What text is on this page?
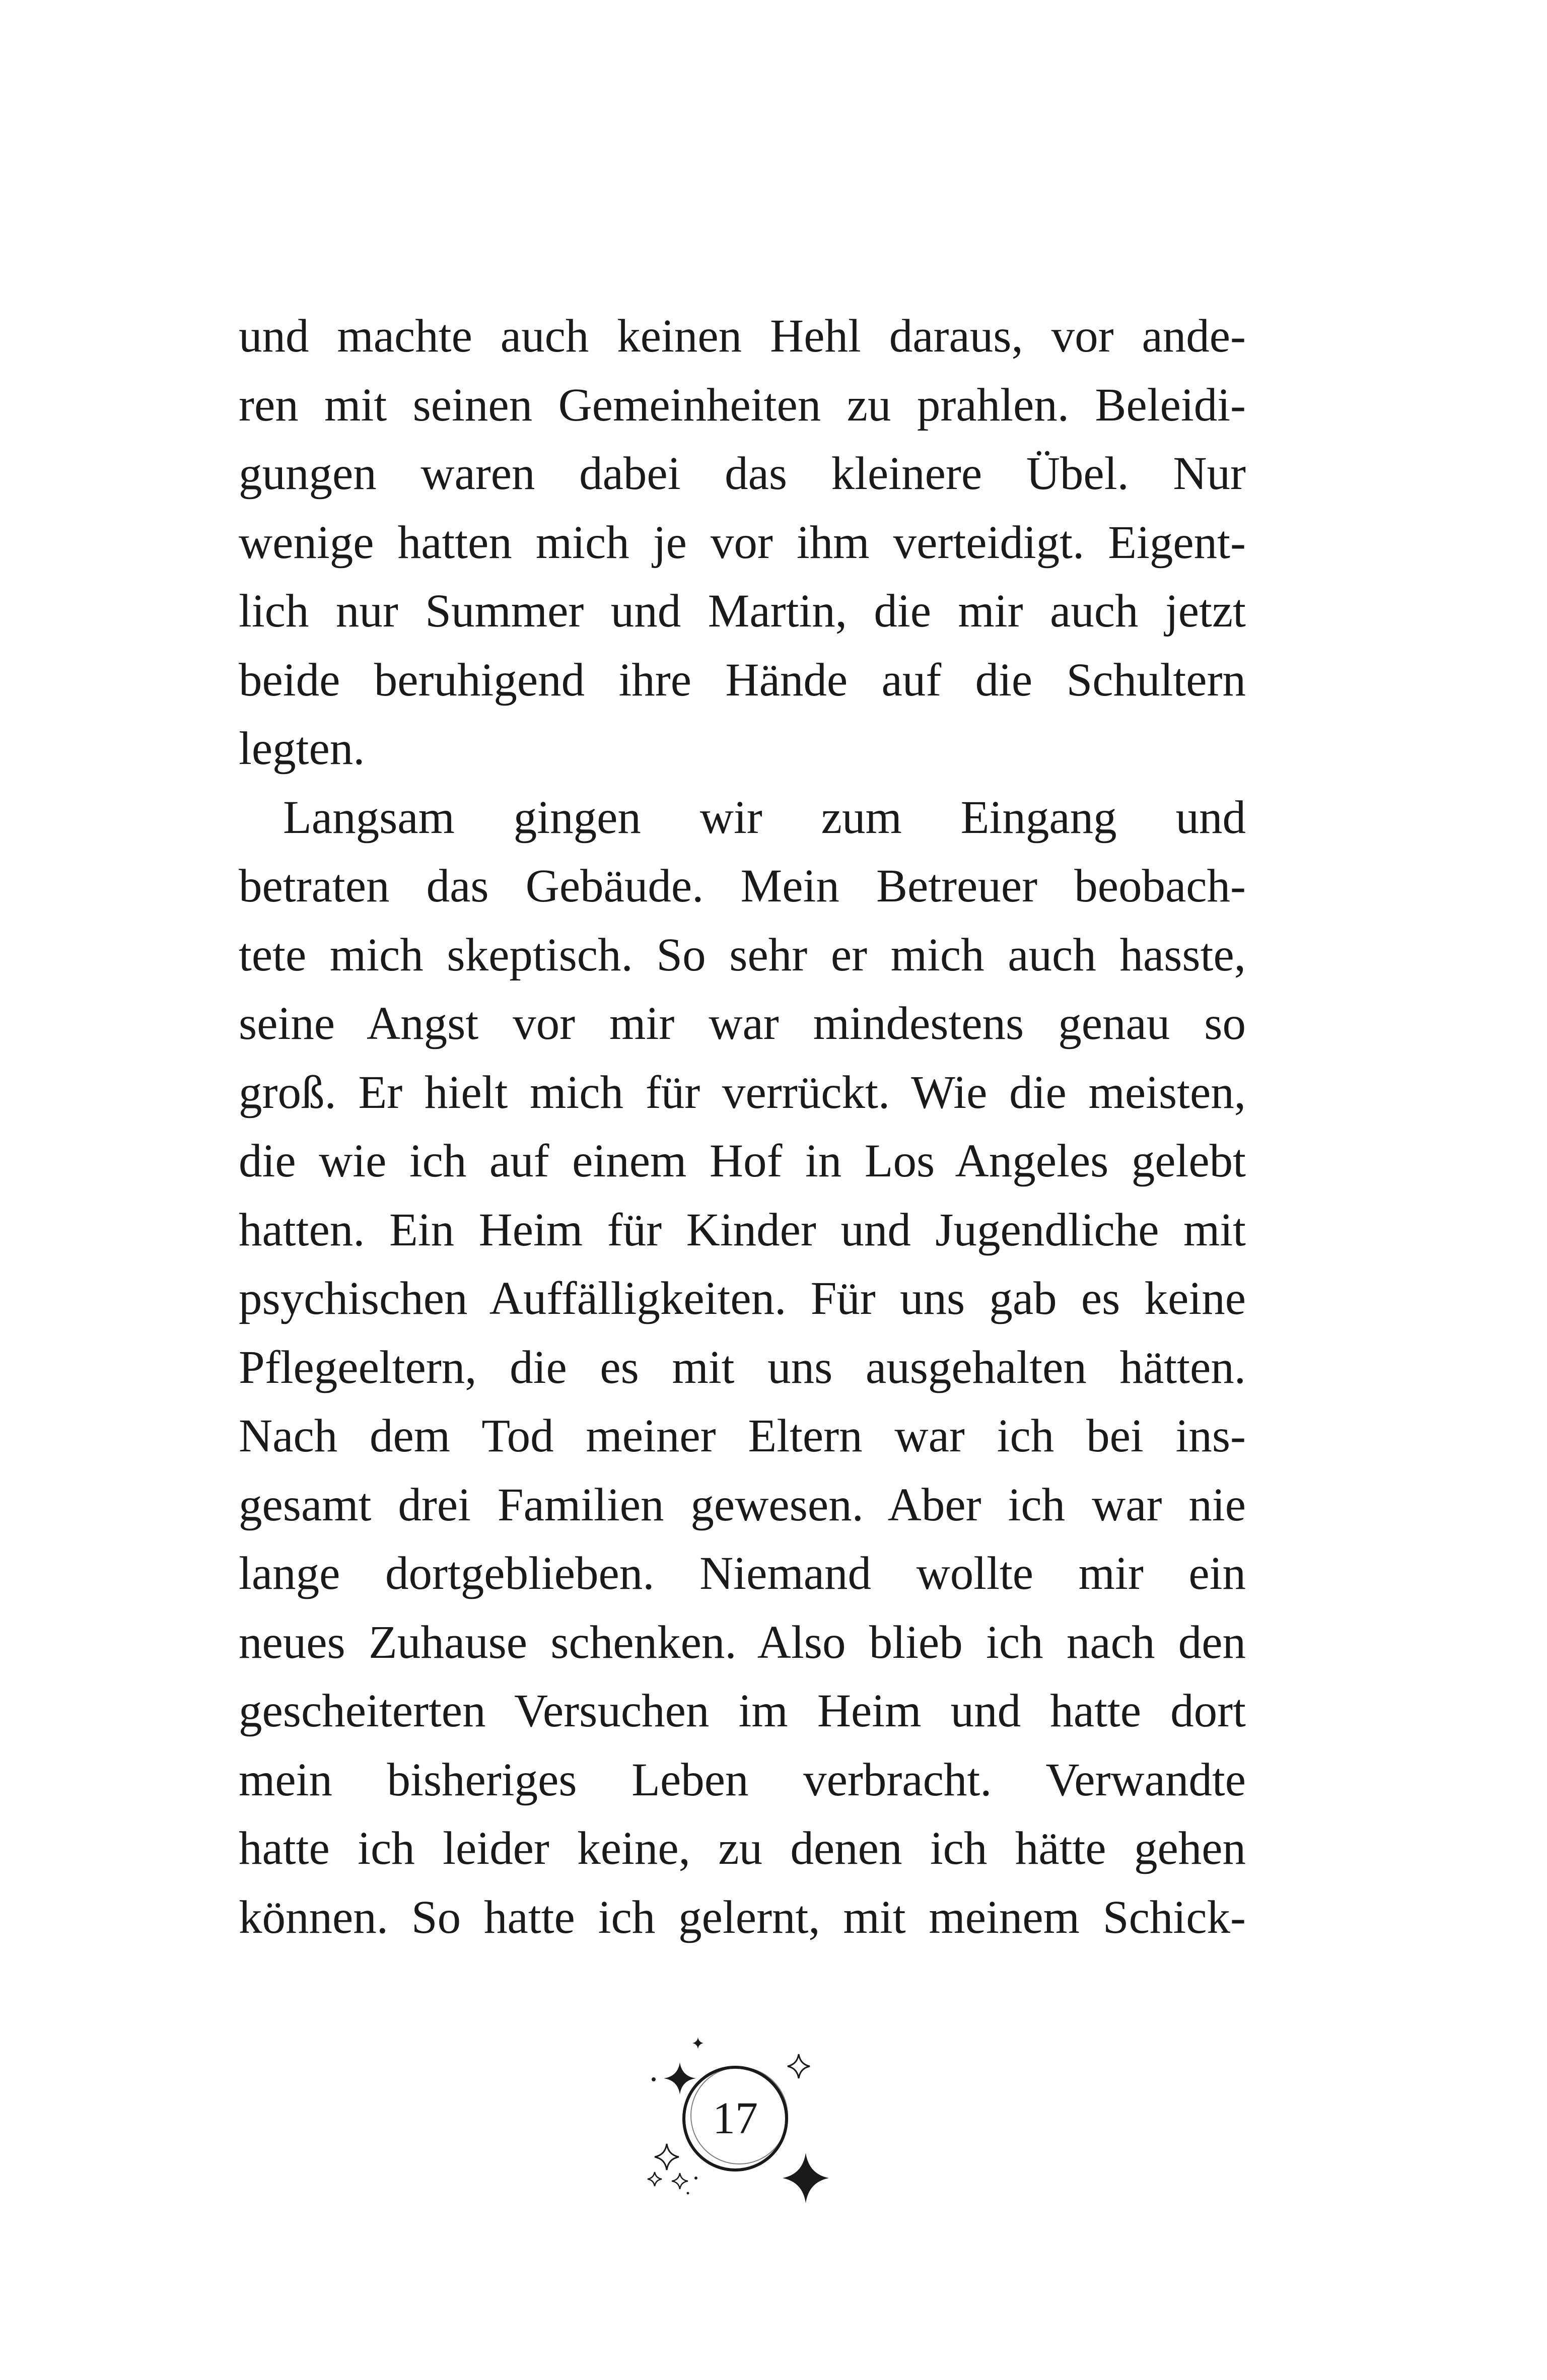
und machte auch keinen Hehl daraus, vor ande-
ren mit seinen Gemeinheiten zu prahlen. Beleidi-
gungen waren dabei das kleinere Übel. Nur
wenige hatten mich je vor ihm verteidigt. Eigent-
lich nur Summer und Martin, die mir auch jetzt
beide beruhigend ihre Hände auf die Schultern
legten.
Langsam gingen wir zum Eingang und
betraten das Gebäude. Mein Betreuer beobach-
tete mich skeptisch. So sehr er mich auch hasste,
seine Angst vor mir war mindestens genau so
groß. Er hielt mich für verrückt. Wie die meisten,
die wie ich auf einem Hof in Los Angeles gelebt
hatten. Ein Heim für Kinder und Jugendliche mit
psychischen Auffälligkeiten. Für uns gab es keine
Pflegeeltern, die es mit uns ausgehalten hätten.
Nach dem Tod meiner Eltern war ich bei ins-
gesamt drei Familien gewesen. Aber ich war nie
lange dortgeblieben. Niemand wollte mir ein
neues Zuhause schenken. Also blieb ich nach den
gescheiterten Versuchen im Heim und hatte dort
mein bisheriges Leben verbracht. Verwandte
hatte ich leider keine, zu denen ich hätte gehen
können. So hatte ich gelernt, mit meinem Schick-
17
